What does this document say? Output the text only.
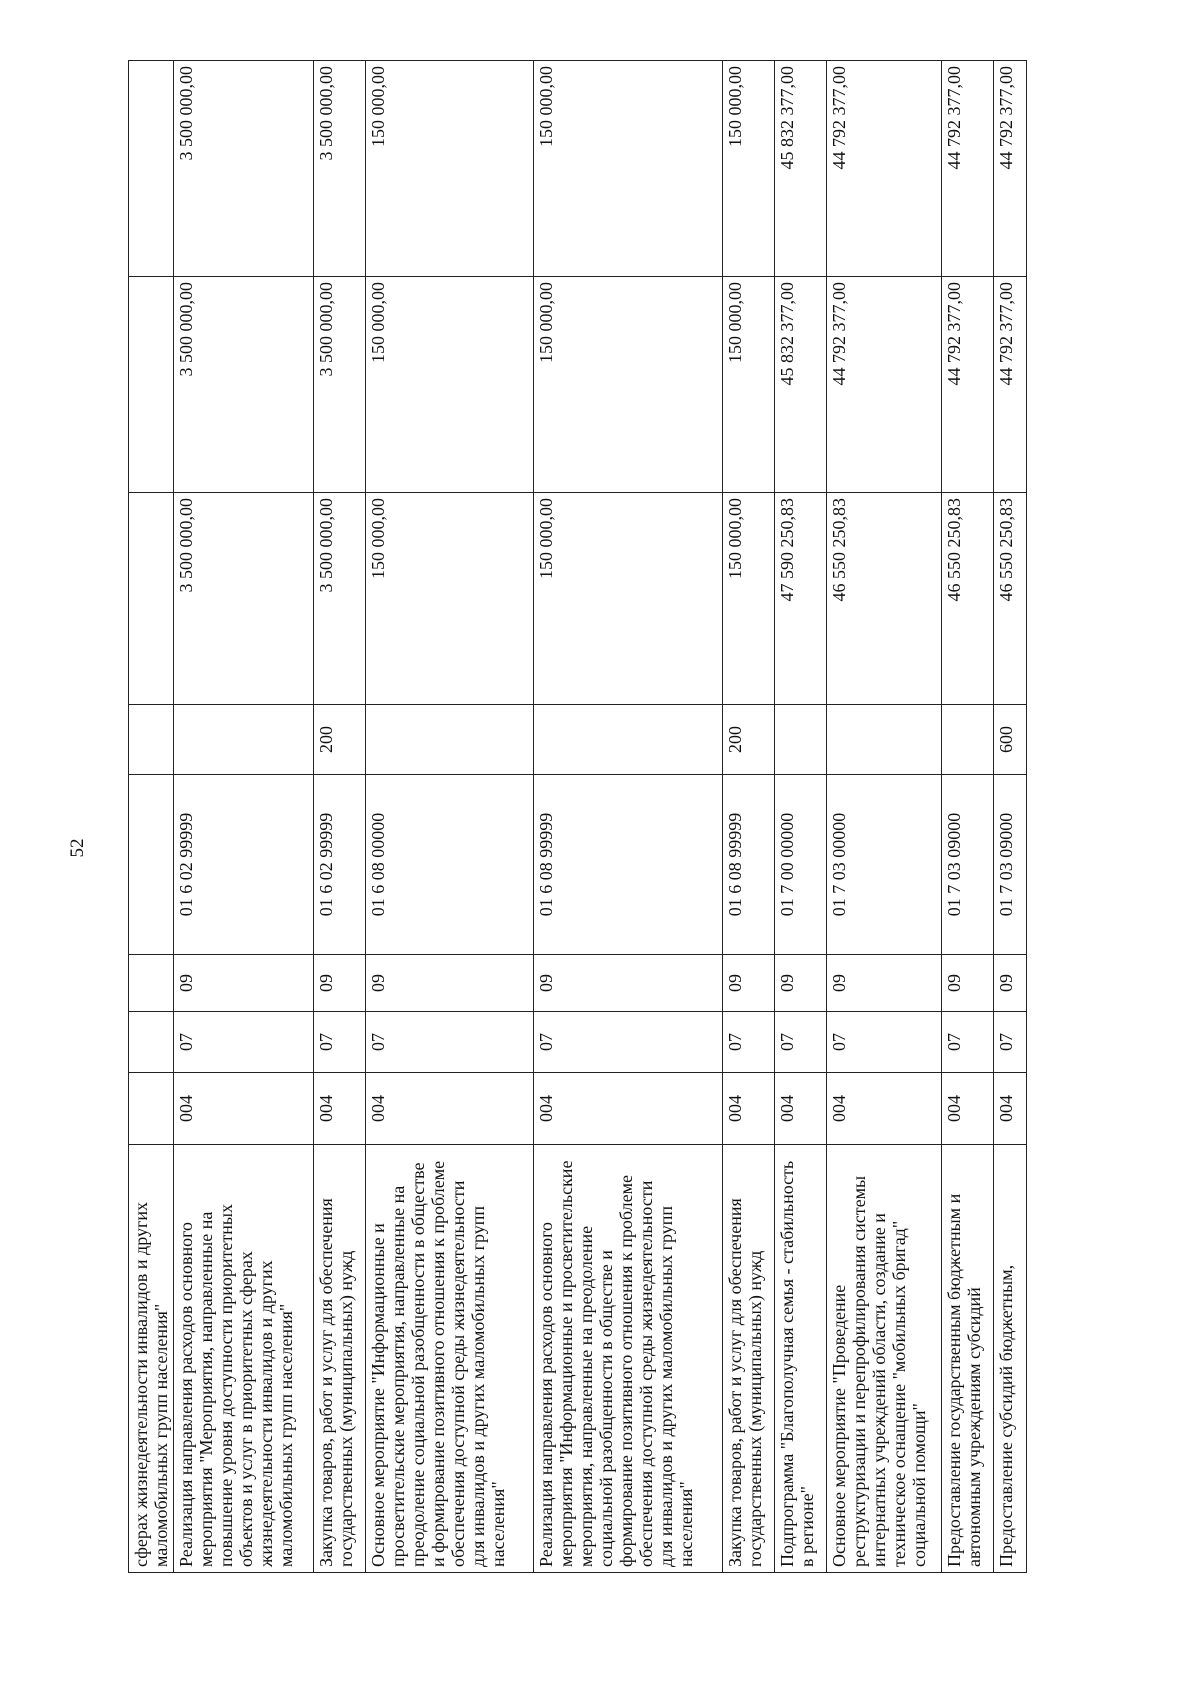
52
сферах жизнедеятельности инвалидов и других маломобильных групп населения"								
Реализация направления расходов основного мероприятия "Мероприятия, направленные на повышение уровня доступности приоритетных объектов и услуг в приоритетных сферах жизнедеятельности инвалидов и других маломобильных групп населения"	004	07	09	01 6 02 99999		3 500 000,00	3 500 000,00	3 500 000,00
Закупка товаров, работ и услуг для обеспечения государственных (муниципальных) нужд	004	07	09	01 6 02 99999	200	3 500 000,00	3 500 000,00	3 500 000,00
Основное мероприятие "Информационные и просветительские мероприятия, направленные на преодоление социальной разобщенности в обществе и формирование позитивного отношения к проблеме обеспечения доступной среды жизнедеятельности для инвалидов и других маломобильных групп населения"	004	07	09	01 6 08 00000		150 000,00	150 000,00	150 000,00
Реализация направления расходов основного мероприятия "Информационные и просветительские мероприятия, направленные на преодоление социальной разобщенности в обществе и формирование позитивного отношения к проблеме обеспечения доступной среды жизнедеятельности для инвалидов и других маломобильных групп населения"	004	07	09	01 6 08 99999		150 000,00	150 000,00	150 000,00
Закупка товаров, работ и услуг для обеспечения государственных (муниципальных) нужд	004	07	09	01 6 08 99999	200	150 000,00	150 000,00	150 000,00
Подпрограмма "Благополучная семья - стабильность в регионе"	004	07	09	01 7 00 00000		47 590 250,83	45 832 377,00	45 832 377,00
Основное мероприятие "Проведение реструктуризации и перепрофилирования системы интернатных учреждений области, создание и техническое оснащение "мобильных бригад" социальной помощи"	004	07	09	01 7 03 00000		46 550 250,83	44 792 377,00	44 792 377,00
Предоставление государственным бюджетным и автономным учреждениям субсидий	004	07	09	01 7 03 09000		46 550 250,83	44 792 377,00	44 792 377,00
Предоставление субсидий бюджетным,	004	07	09	01 7 03 09000	600	46 550 250,83	44 792 377,00	44 792 377,00
